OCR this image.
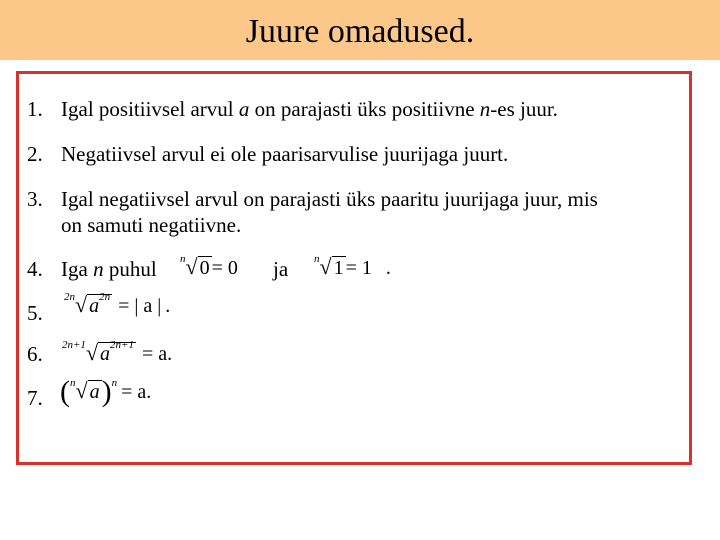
Juure omadused.
1. Igal positiivsel arvul a on parajasti üks positiivne n-es juur.
2. Negatiivsel arvul ei ole paarisarvulise juurijaga juurt.
3. Igal negatiivsel arvul on parajasti üks paaritu juurijaga juur, mis
on samuti negatiivne.
4. Iga n puhul $^n$√ 0 = 0 ja $^n$√ 1 = 1 .
5.
$^{2n}$√ $a^{2n}$ = | a | .
6. $^{2n+1}$√ $a^{2n+1} = a$.
7. ($^n$√ a)$^n$ = a.
